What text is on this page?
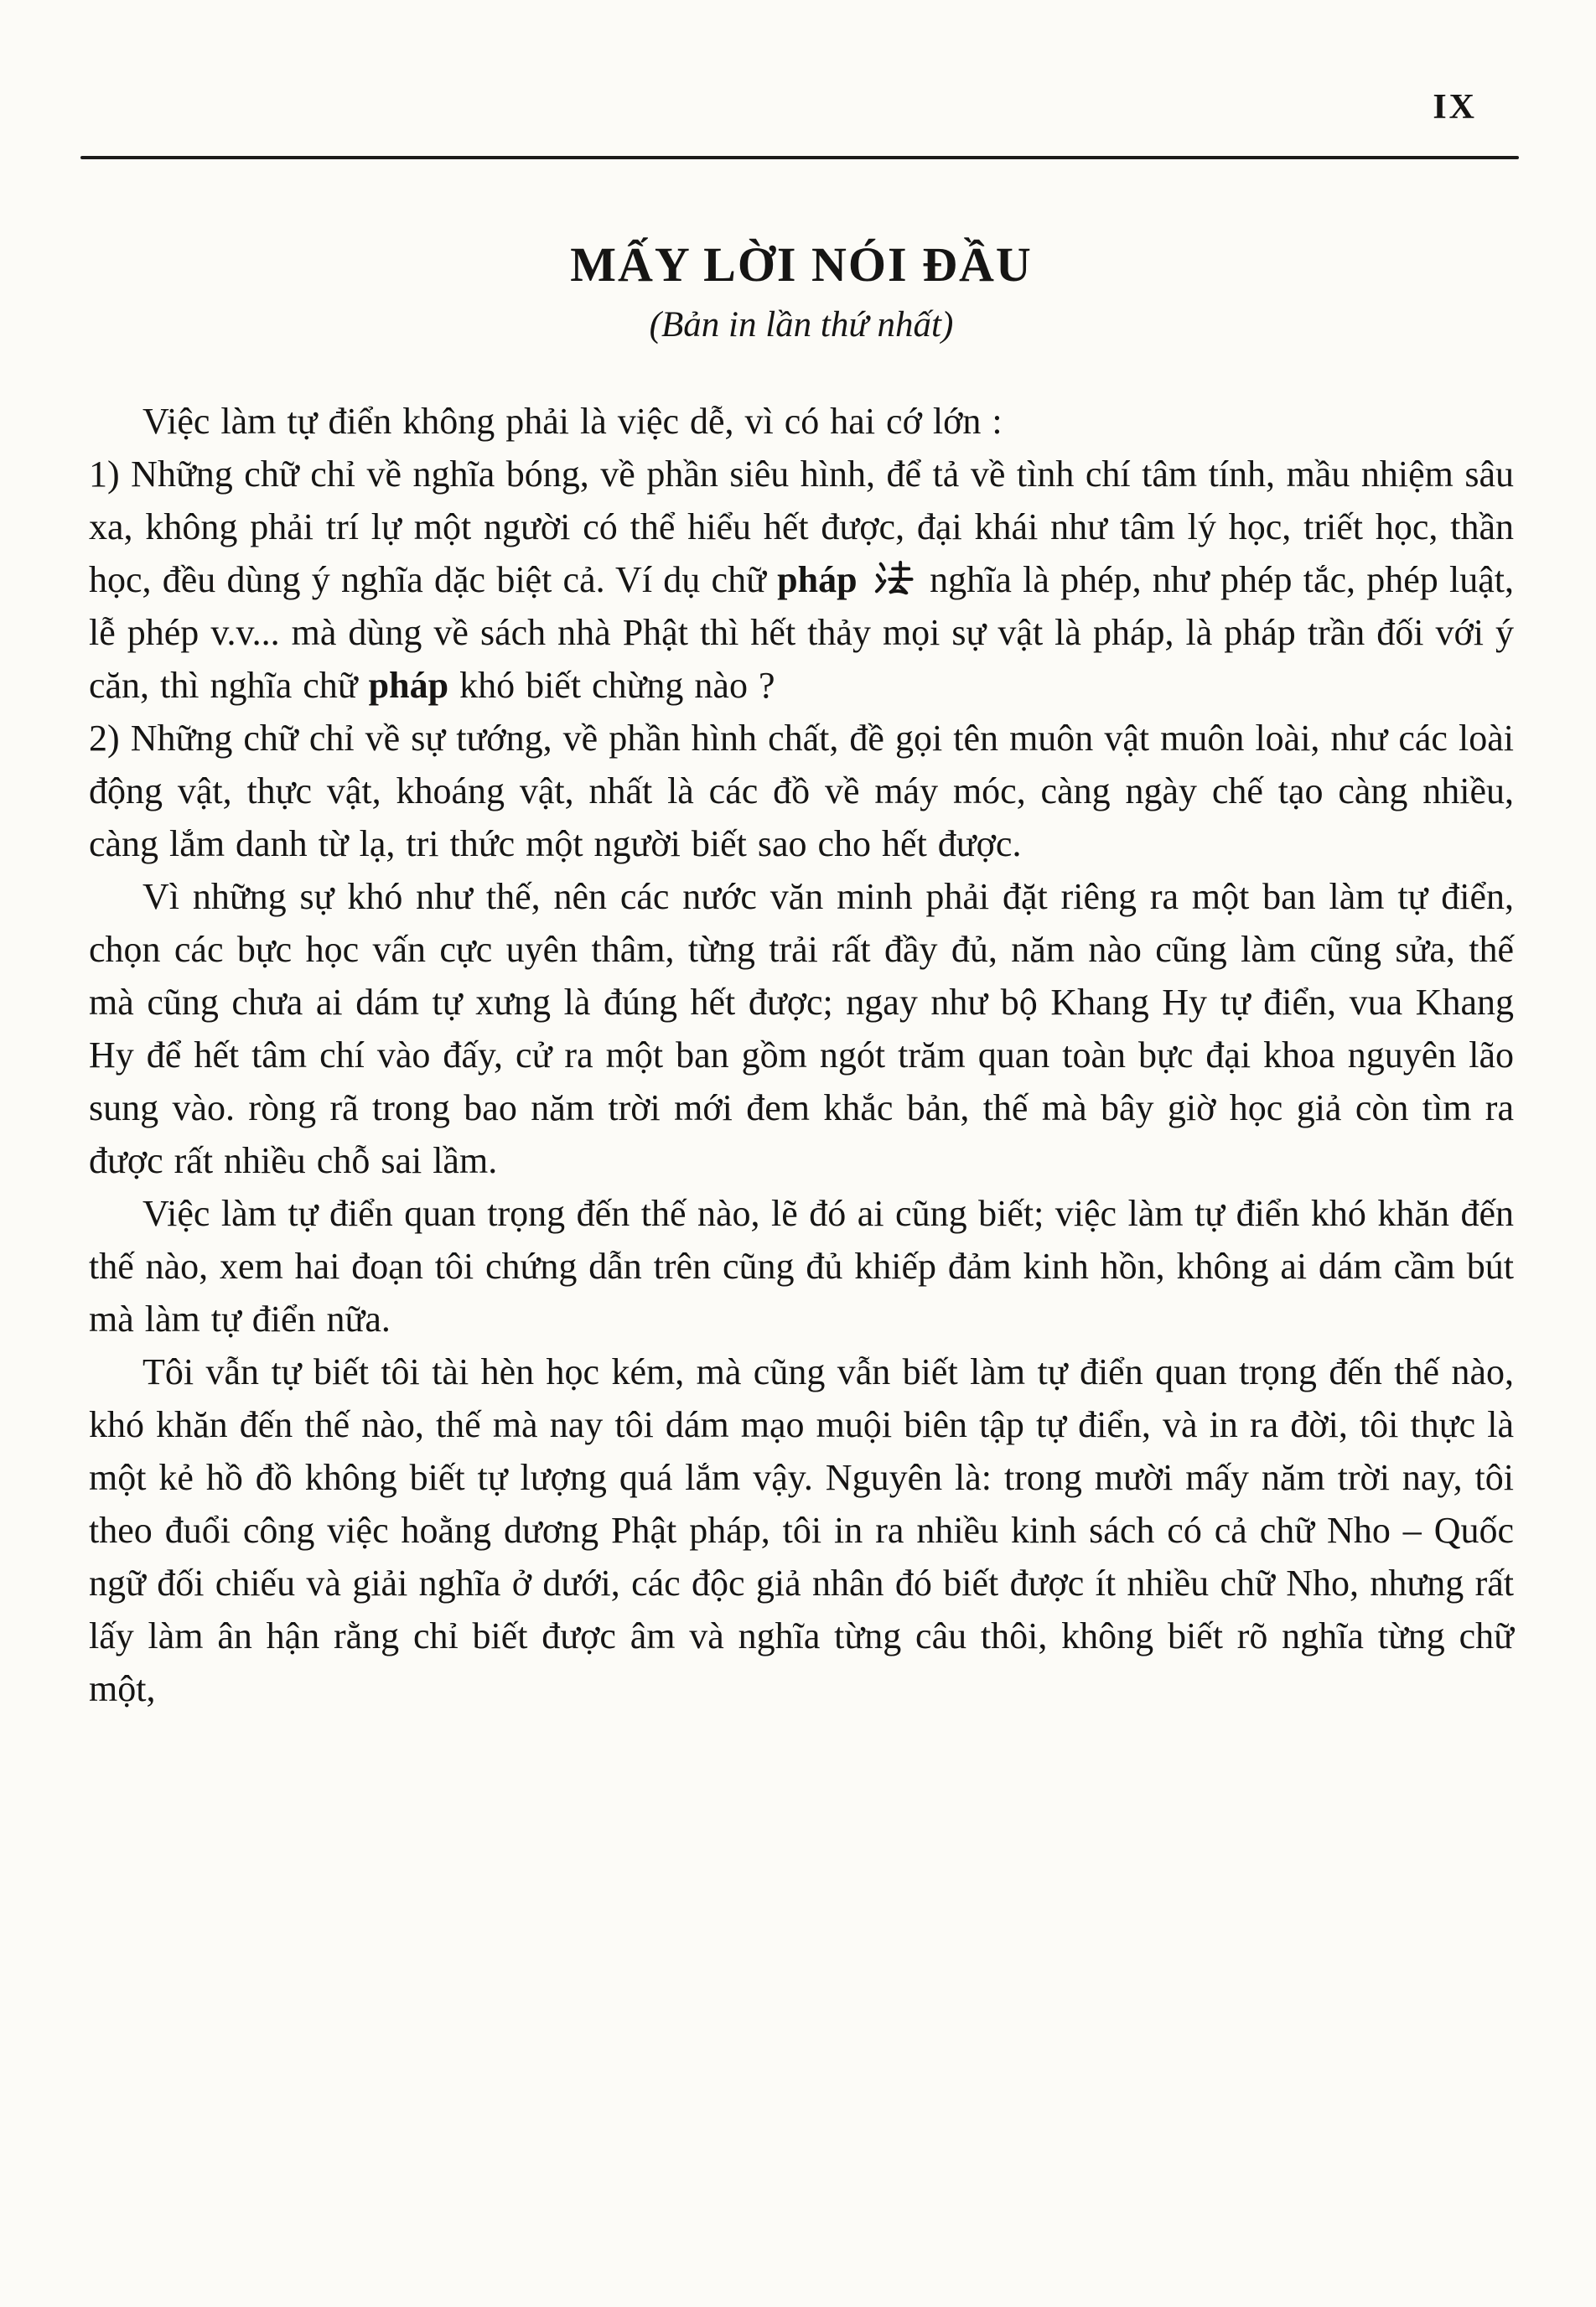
IX
MẤY LỜI NÓI ĐẦU
(Bản in lần thứ nhất)

Việc làm tự điển không phải là việc dễ, vì có hai cớ lớn :

1) Những chữ chỉ về nghĩa bóng, về phần siêu hình, để tả về tình chí tâm tính, mầu nhiệm sâu xa, không phải trí lự một người có thể hiểu hết được, đại khái như tâm lý học, triết học, thần học, đều dùng ý nghĩa dặc biệt cả. Ví dụ chữ pháp nghĩa là phép, như phép tắc, phép luật, lễ phép v.v... mà dùng về sách nhà Phật thì hết thảy mọi sự vật là pháp, là pháp trần đối với ý căn, thì nghĩa chữ pháp khó biết chừng nào ?

2) Những chữ chỉ về sự tướng, về phần hình chất, đề gọi tên muôn vật muôn loài, như các loài động vật, thực vật, khoáng vật, nhất là các đồ về máy móc, càng ngày chế tạo càng nhiều, càng lắm danh từ lạ, tri thức một người biết sao cho hết được.

Vì những sự khó như thế, nên các nước văn minh phải đặt riêng ra một ban làm tự điển, chọn các bực học vấn cực uyên thâm, từng trải rất đầy đủ, năm nào cũng làm cũng sửa, thế mà cũng chưa ai dám tự xưng là đúng hết được; ngay như bộ Khang Hy tự điển, vua Khang Hy để hết tâm chí vào đấy, cử ra một ban gồm ngót trăm quan toàn bực đại khoa nguyên lão sung vào. ròng rã trong bao năm trời mới đem khắc bản, thế mà bây giờ học giả còn tìm ra được rất nhiều chỗ sai lầm.

Việc làm tự điển quan trọng đến thế nào, lẽ đó ai cũng biết; việc làm tự điển khó khăn đến thế nào, xem hai đoạn tôi chứng dẫn trên cũng đủ khiếp đảm kinh hồn, không ai dám cầm bút mà làm tự điển nữa.

Tôi vẫn tự biết tôi tài hèn học kém, mà cũng vẫn biết làm tự điển quan trọng đến thế nào, khó khăn đến thế nào, thế mà nay tôi dám mạo muội biên tập tự điển, và in ra đời, tôi thực là một kẻ hồ đồ không biết tự lượng quá lắm vậy. Nguyên là: trong mười mấy năm trời nay, tôi theo đuổi công việc hoằng dương Phật pháp, tôi in ra nhiều kinh sách có cả chữ Nho – Quốc ngữ đối chiếu và giải nghĩa ở dưới, các độc giả nhân đó biết được ít nhiều chữ Nho, nhưng rất lấy làm ân hận rằng chỉ biết được âm và nghĩa từng câu thôi, không biết rõ nghĩa từng chữ một,
